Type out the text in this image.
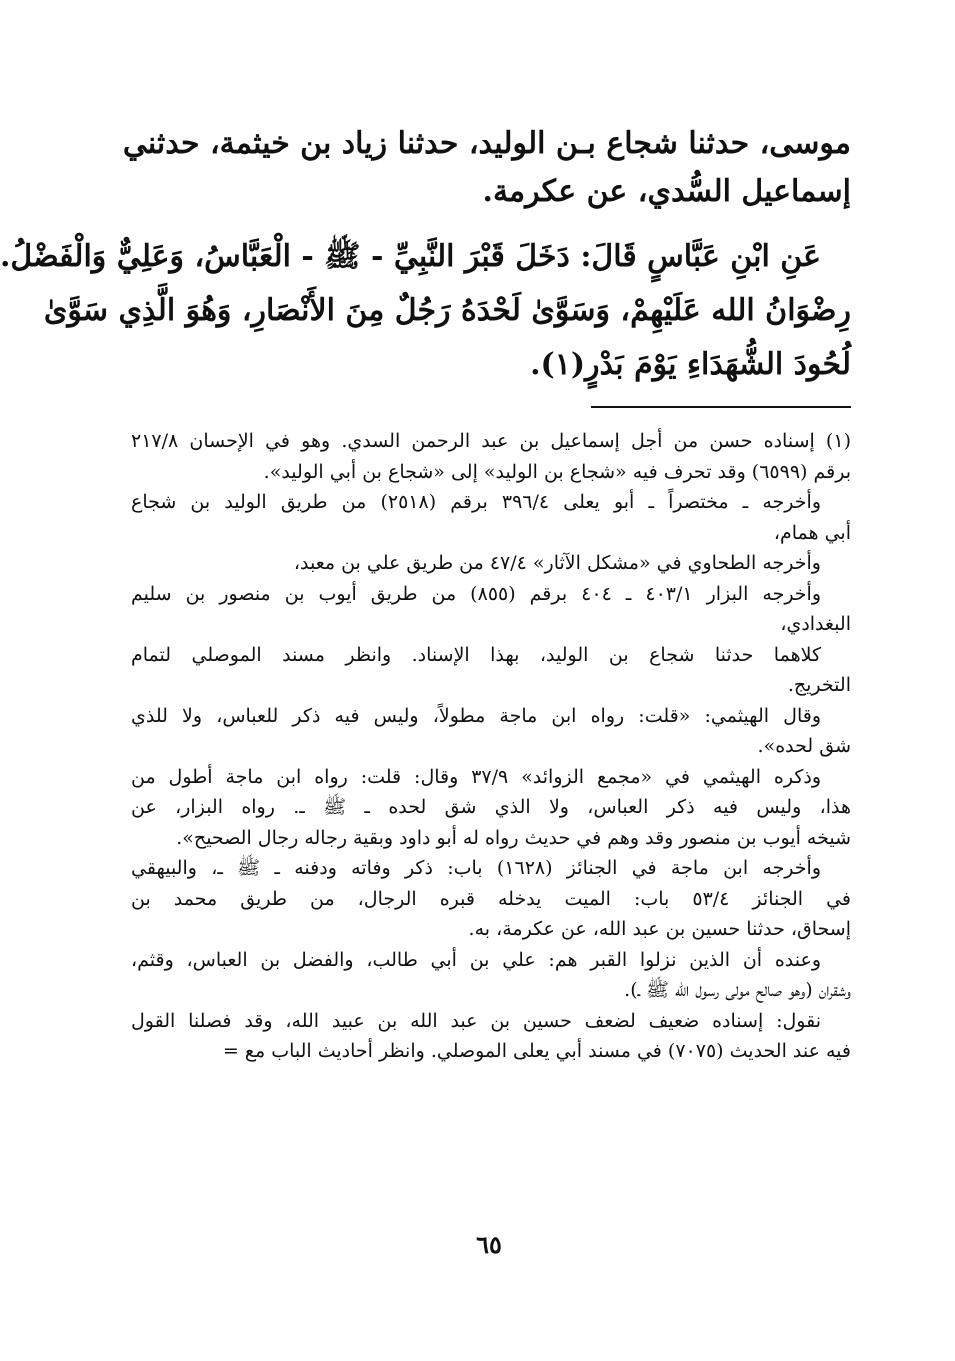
موسى، حدثنا شجاع بـن الوليد، حدثنا زياد بن خيثمة، حدثني

إسماعيل السُّدي، عن عكرمة.

عَنِ ابْنِ عَبَّاسٍ قَالَ: دَخَلَ قَبْرَ النَّبِيِّ - ﷺ - الْعَبَّاسُ، وَعَلِيٌّ وَالْفَضْلُ.

رِضْوَانُ الله عَلَيْهِمْ، وَسَوَّىٰ لَحْدَهُ رَجُلٌ مِنَ الأَنْصَارِ، وَهُوَ الَّذِي سَوَّىٰ

لُحُودَ الشُّهَدَاءِ يَوْمَ بَدْرٍ(١).

(١) إسناده حسن من أجل إسماعيل بن عبد الرحمن السدي. وهو في الإحسان ٢١٧/٨

برقم (٦٥٩٩) وقد تحرف فيه «شجاع بن الوليد» إلى «شجاع بن أبي الوليد».

وأخرجه ـ مختصراً ـ أبو يعلى ٣٩٦/٤ برقم (٢٥١٨) من طريق الوليد بن شجاع

أبي همام،

وأخرجه الطحاوي في «مشكل الآثار» ٤٧/٤ من طريق علي بن معبد،

وأخرجه البزار ٤٠٣/١ ـ ٤٠٤ برقم (٨٥٥) من طريق أيوب بن منصور بن سليم

البغدادي،

كلاهما حدثنا شجاع بن الوليد، بهذا الإسناد. وانظر مسند الموصلي لتمام

التخريج.

وقال الهيثمي: «قلت: رواه ابن ماجة مطولاً، وليس فيه ذكر للعباس، ولا للذي

شق لحده».

وذكره الهيثمي في «مجمع الزوائد» ٣٧/٩ وقال: قلت: رواه ابن ماجة أطول من

هذا، وليس فيه ذكر العباس، ولا الذي شق لحده ـ ﷺ ـ. رواه البزار، عن

شيخه أيوب بن منصور وقد وهم في حديث رواه له أبو داود وبقية رجاله رجال الصحيح».

وأخرجه ابن ماجة في الجنائز (١٦٢٨) باب: ذكر وفاته ودفنه ـ ﷺ ـ، والبيهقي

في الجنائز ٥٣/٤ باب: الميت يدخله قبره الرجال، من طريق محمد بن

إسحاق، حدثنا حسين بن عبد الله، عن عكرمة، به.

وعنده أن الذين نزلوا القبر هم: علي بن أبي طالب، والفضل بن العباس، وقثم،

وشقران (وهو صالح مولى رسول الله ﷺ ـ).

نقول: إسناده ضعيف لضعف حسين بن عبد الله بن عبيد الله، وقد فصلنا القول

فيه عند الحديث (٧٠٧٥) في مسند أبي يعلى الموصلي. وانظر أحاديث الباب مع =

٦٥
